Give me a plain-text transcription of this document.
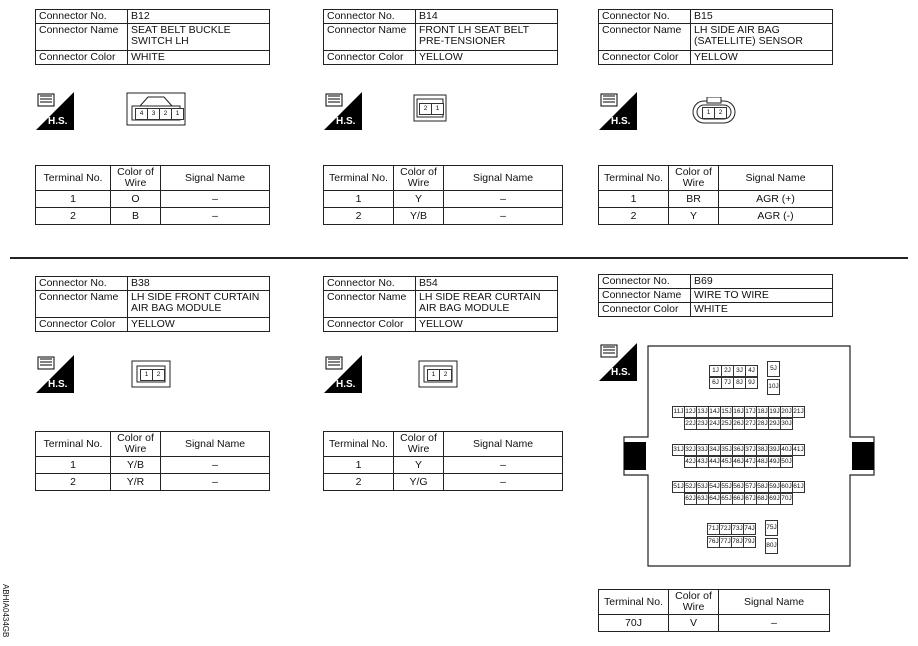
Connector No.	B12
Connector Name	SEAT BELT BUCKLE
SWITCH LH
Connector Color	WHITE
H.S.
4	3	2	1
Terminal No.	Color of Wire	Signal Name
1	O	–
2	B	–
Connector No.	B14
Connector Name	FRONT LH SEAT BELT
PRE-TENSIONER
Connector Color	YELLOW
H.S.
2	1
Terminal No.	Color of Wire	Signal Name
1	Y	–
2	Y/B	–
Connector No.	B15
Connector Name	LH SIDE AIR BAG
(SATELLITE) SENSOR
Connector Color	YELLOW
H.S.
1	2
Terminal No.	Color of Wire	Signal Name
1	BR	AGR (+)
2	Y	AGR (-)
Connector No.	B38
Connector Name	LH SIDE FRONT CURTAIN
AIR BAG MODULE
Connector Color	YELLOW
H.S.
1	2
Terminal No.	Color of Wire	Signal Name
1	Y/B	–
2	Y/R	–
Connector No.	B54
Connector Name	LH SIDE REAR CURTAIN
AIR BAG MODULE
Connector Color	YELLOW
H.S.
1	2
Terminal No.	Color of Wire	Signal Name
1	Y	–
2	Y/G	–
Connector No.	B69
Connector Name	WIRE TO WIRE
Connector Color	WHITE
H.S.	1J 2J 3J 4J
6J 7J 8J 9J
5J
10J
11J 12J 13J 14J 15J 16J 17J 18J 19J 20J 21J
22J 23J 24J 25J 26J 27J 28J 29J 30J
31J 32J 33J 34J 35J 36J 37J 38J 39J 40J 41J
42J 43J 44J 45J 46J 47J 48J 49J 50J
51J 52J 53J 54J 55J 56J 57J 58J 59J 60J 61J
62J 63J 64J 65J 66J 67J 68J 69J 70J
71J 72J 73J 74J
76J 77J 78J 79J
75J
80J
Terminal No.	Color of Wire	Signal Name
70J	V	–
ABHIA0434GB
